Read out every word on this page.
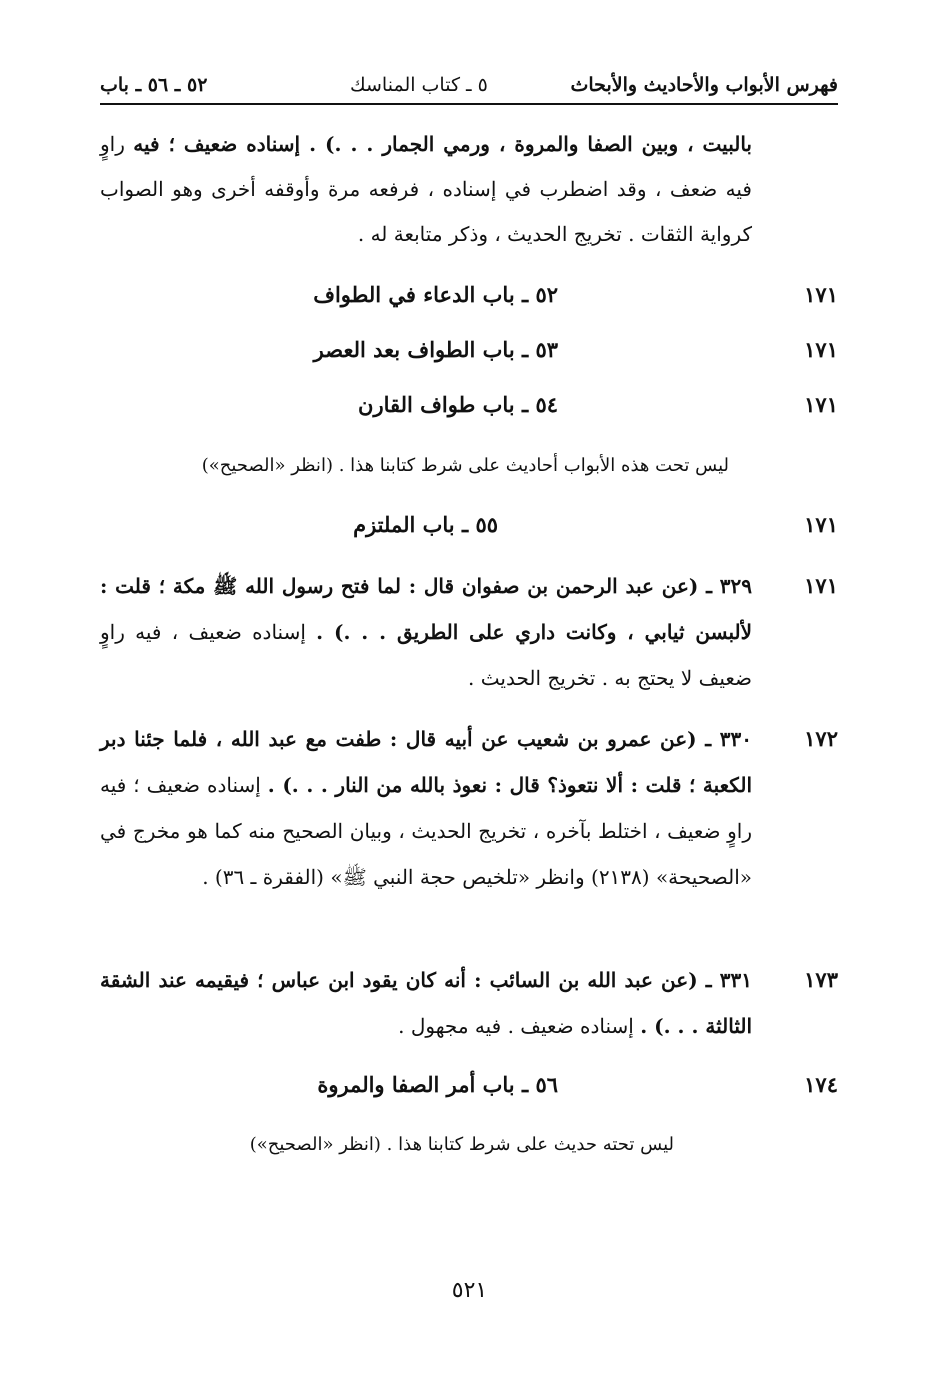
فهرس الأبواب والأحاديث والأبحاث
٥ ـ كتاب المناسك
٥٢ ـ ٥٦ ـ باب
بالبيت ، وبين الصفا والمروة ، ورمي الجمار . . .) . إسناده ضعيف ؛ فيه راوٍ فيه ضعف ، وقد اضطرب في إسناده ، فرفعه مرة وأوقفه أخرى وهو الصواب كرواية الثقات . تخريج الحديث ، وذكر متابعة له .
١٧١
٥٢ ـ باب الدعاء في الطواف
١٧١
٥٣ ـ باب الطواف بعد العصر
١٧١
٥٤ ـ باب طواف القارن
ليس تحت هذه الأبواب أحاديث على شرط كتابنا هذا . (انظر «الصحيح»)
١٧١
٥٥ ـ باب الملتزم
١٧١
٣٢٩ ـ (عن عبد الرحمن بن صفوان قال : لما فتح رسول الله ﷺ مكة ؛ قلت : لألبسن ثيابي ، وكانت داري على الطريق . . .) . إسناده ضعيف ، فيه راوٍ ضعيف لا يحتج به . تخريج الحديث .
١٧٢
٣٣٠ ـ (عن عمرو بن شعيب عن أبيه قال : طفت مع عبد الله ، فلما جئنا دبر الكعبة ؛ قلت : ألا نتعوذ؟ قال : نعوذ بالله من النار . . .) . إسناده ضعيف ؛ فيه راوٍ ضعيف ، اختلط بآخره ، تخريج الحديث ، وبيان الصحيح منه كما هو مخرج في «الصحيحة» (٢١٣٨) وانظر «تلخيص حجة النبي ﷺ» (الفقرة ـ ٣٦) .
١٧٣
٣٣١ ـ (عن عبد الله بن السائب : أنه كان يقود ابن عباس ؛ فيقيمه عند الشقة الثالثة . . .) . إسناده ضعيف . فيه مجهول .
١٧٤
٥٦ ـ باب أمر الصفا والمروة
ليس تحته حديث على شرط كتابنا هذا . (انظر «الصحيح»)
٥٢١
